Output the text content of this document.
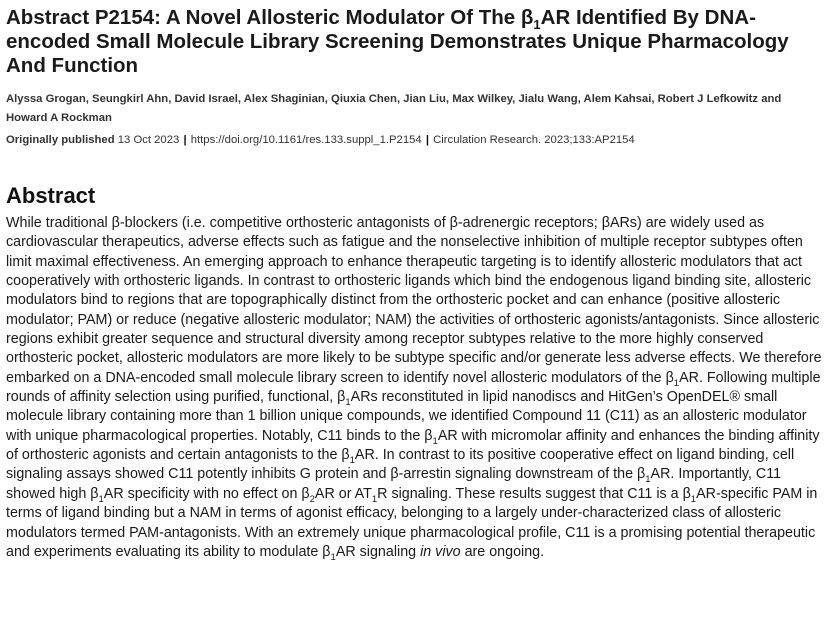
Abstract P2154: A Novel Allosteric Modulator Of The $\beta_1AR$ Identified By DNA-encoded Small Molecule Library Screening Demonstrates Unique Pharmacology And Function
Alyssa Grogan, Seungkirl Ahn, David Israel, Alex Shaginian, Qiuxia Chen, Jian Liu, Max Wilkey, Jialu Wang, Alem Kahsai, Robert J Lefkowitz and Howard A Rockman
Originally published 13 Oct 2023 | https://doi.org/10.1161/res.133.suppl_1.P2154 | Circulation Research. 2023;133:AP2154
Abstract
While traditional β-blockers (i.e. competitive orthosteric antagonists of β-adrenergic receptors; βARs) are widely used as cardiovascular therapeutics, adverse effects such as fatigue and the nonselective inhibition of multiple receptor subtypes often limit maximal effectiveness. An emerging approach to enhance therapeutic targeting is to identify allosteric modulators that act cooperatively with orthosteric ligands. In contrast to orthosteric ligands which bind the endogenous ligand binding site, allosteric modulators bind to regions that are topographically distinct from the orthosteric pocket and can enhance (positive allosteric modulator; PAM) or reduce (negative allosteric modulator; NAM) the activities of orthosteric agonists/antagonists. Since allosteric regions exhibit greater sequence and structural diversity among receptor subtypes relative to the more highly conserved orthosteric pocket, allosteric modulators are more likely to be subtype specific and/or generate less adverse effects. We therefore embarked on a DNA-encoded small molecule library screen to identify novel allosteric modulators of the $\beta_1AR$. Following multiple rounds of affinity selection using purified, functional, $\beta_1ARs$ reconstituted in lipid nanodiscs and HitGen’s OpenDEL® small molecule library containing more than 1 billion unique compounds, we identified Compound 11 (C11) as an allosteric modulator with unique pharmacological properties. Notably, C11 binds to the $\beta_1AR$ with micromolar affinity and enhances the binding affinity of orthosteric agonists and certain antagonists to the $\beta_1AR$. In contrast to its positive cooperative effect on ligand binding, cell signaling assays showed C11 potently inhibits G protein and β-arrestin signaling downstream of the $\beta_1AR$. Importantly, C11 showed high $\beta_1AR$ specificity with no effect on $\beta_2AR$ or $AT_1R$ signaling. These results suggest that C11 is a $\beta_1AR$-specific PAM in terms of ligand binding but a NAM in terms of agonist efficacy, belonging to a largely under-characterized class of allosteric modulators termed PAM-antagonists. With an extremely unique pharmacological profile, C11 is a promising potential therapeutic and experiments evaluating its ability to modulate $\beta_1AR$ signaling in vivo are ongoing.
